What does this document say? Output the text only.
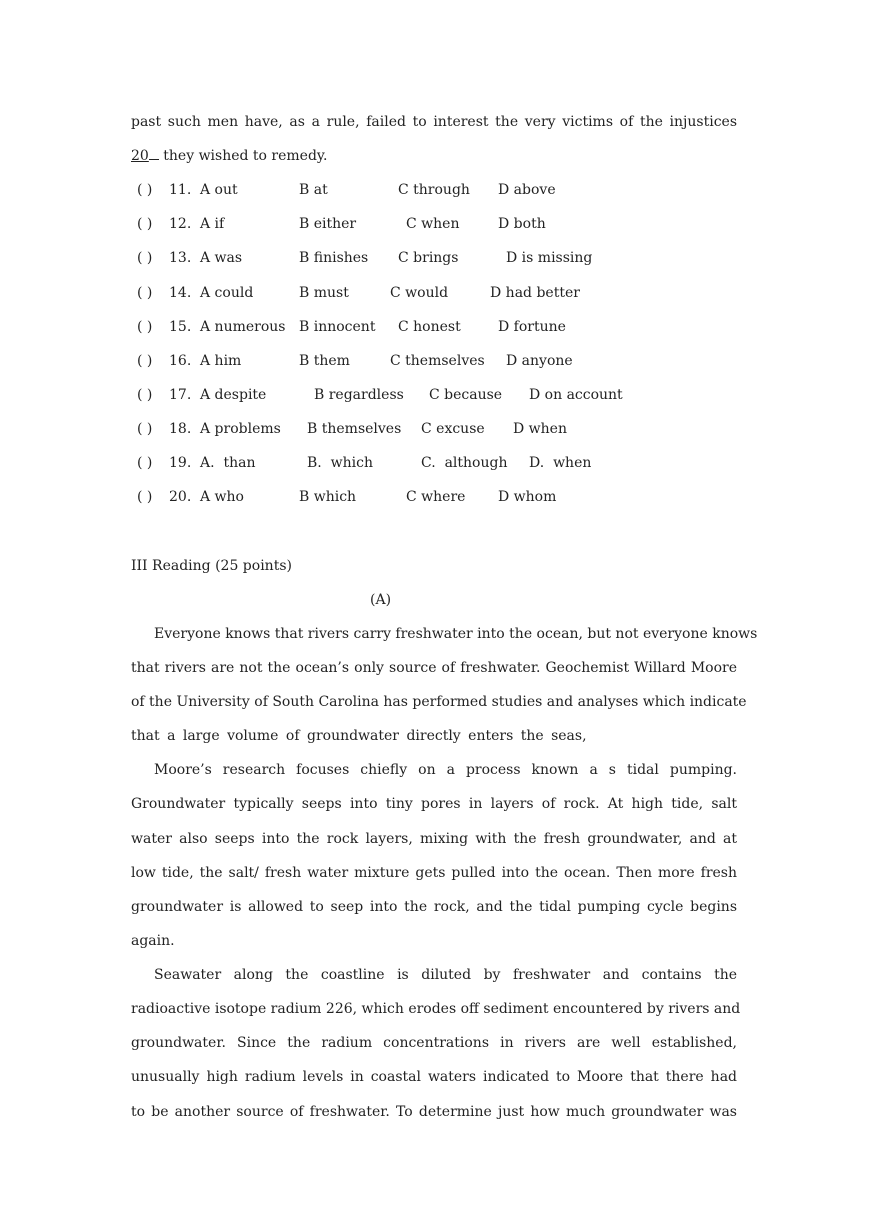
past such men have, as a rule, failed to interest the very victims of the injustices
20 they wished to remedy.
( ) 11. A out	B at	C through D above
( ) 12. A if	B either	C when	D both
( ) 13. A was	B finishes C brings	D is missing
( ) 14. A could	B must	C would	D had better
( ) 15. A numerous B innocent C honest	D fortune
( ) 16. A him	B them	C themselves D anyone
( ) 17. A despite	B regardless C because D on account
( ) 18. A problems B themselves C excuse D when
( ) 19. A.  than	B.  which	C.  although D.  when
( ) 20. A who	B which	C where D whom
III Reading (25 points)
(A)
Everyone knows that rivers carry freshwater into the ocean, but not everyone knows
that rivers are not the ocean’s only source of freshwater. Geochemist Willard Moore
of the University of South Carolina has performed studies and analyses which indicate
that a large volume of groundwater directly enters the seas,
Moore’s research focuses chiefly on a process known a s tidal pumping.
Groundwater typically seeps into tiny pores in layers of rock. At high tide, salt
water also seeps into the rock layers, mixing with the fresh groundwater, and at
low tide, the salt/ fresh water mixture gets pulled into the ocean. Then more fresh
groundwater is allowed to seep into the rock, and the tidal pumping cycle begins
again.
Seawater along the coastline is diluted by freshwater and contains the
radioactive isotope radium 226, which erodes off sediment encountered by rivers and
groundwater. Since the radium concentrations in rivers are well established,
unusually high radium levels in coastal waters indicated to Moore that there had
to be another source of freshwater. To determine just how much groundwater was
